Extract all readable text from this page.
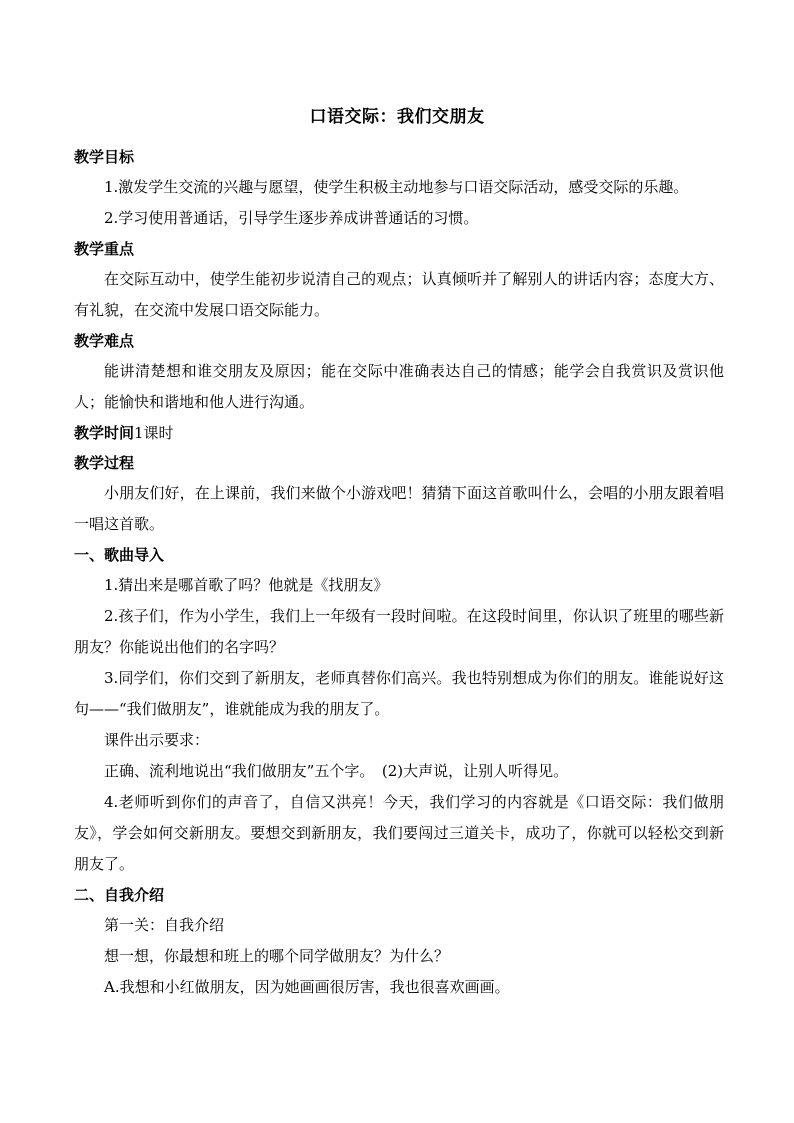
口语交际：我们交朋友
教学目标
1.激发学生交流的兴趣与愿望，使学生积极主动地参与口语交际活动，感受交际的乐趣。
2.学习使用普通话，引导学生逐步养成讲普通话的习惯。
教学重点
在交际互动中，使学生能初步说清自己的观点；认真倾听并了解别人的讲话内容；态度大方、有礼貌，在交流中发展口语交际能力。
教学难点
能讲清楚想和谁交朋友及原因；能在交际中准确表达自己的情感；能学会自我赏识及赏识他人；能愉快和谐地和他人进行沟通。
教学时间1课时
教学过程
小朋友们好，在上课前，我们来做个小游戏吧！猜猜下面这首歌叫什么，会唱的小朋友跟着唱一唱这首歌。
一、歌曲导入
1.猜出来是哪首歌了吗？他就是《找朋友》
2.孩子们，作为小学生，我们上一年级有一段时间啦。在这段时间里，你认识了班里的哪些新朋友？你能说出他们的名字吗？
3.同学们，你们交到了新朋友，老师真替你们高兴。我也特别想成为你们的朋友。谁能说好这句——“我们做朋友”，谁就能成为我的朋友了。
课件出示要求：
正确、流利地说出“我们做朋友”五个字。　(2)大声说，让别人听得见。
4.老师听到你们的声音了，自信又洪亮！今天，我们学习的内容就是《口语交际：我们做朋友》，学会如何交新朋友。要想交到新朋友，我们要闯过三道关卡，成功了，你就可以轻松交到新朋友了。
二、自我介绍
第一关：自我介绍
想一想，你最想和班上的哪个同学做朋友？为什么？
A.我想和小红做朋友，因为她画画很厉害，我也很喜欢画画。
